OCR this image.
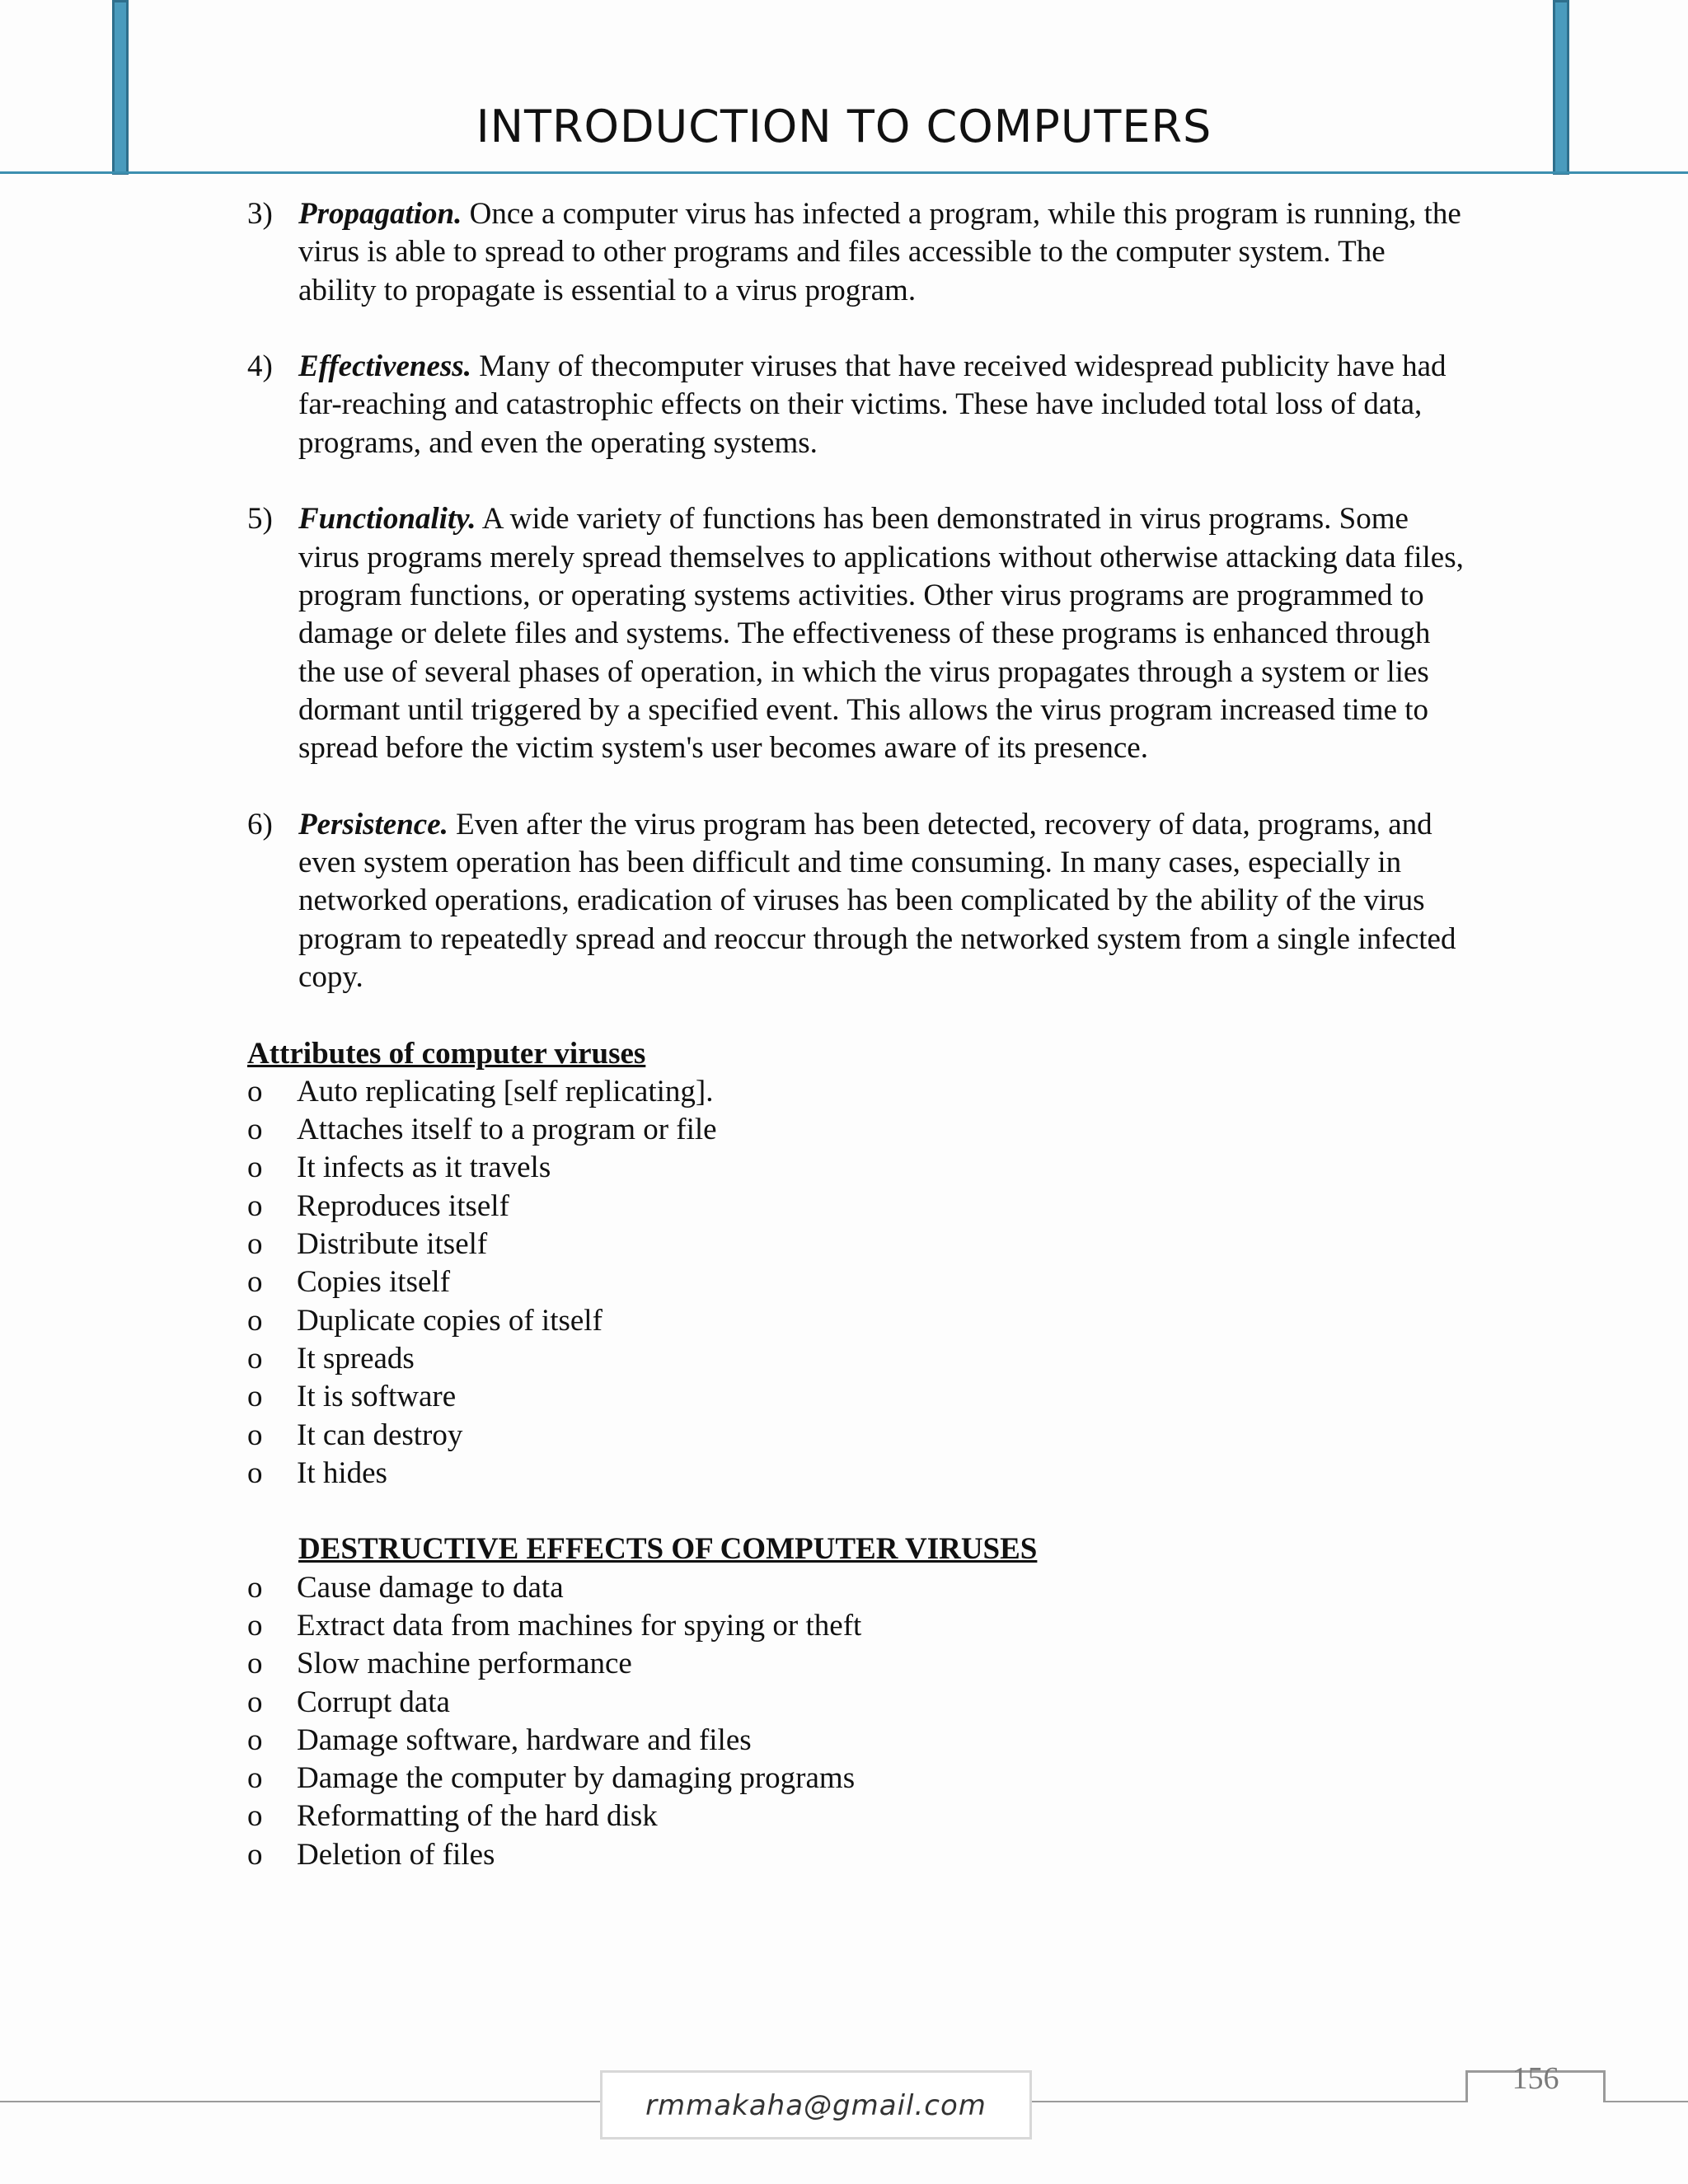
INTRODUCTION TO COMPUTERS
3) Propagation. Once a computer virus has infected a program, while this program is running, the virus is able to spread to other programs and files accessible to the computer system. The ability to propagate is essential to a virus program.
4) Effectiveness. Many of thecomputer viruses that have received widespread publicity have had far-reaching and catastrophic effects on their victims. These have included total loss of data, programs, and even the operating systems.
5) Functionality. A wide variety of functions has been demonstrated in virus programs. Some virus programs merely spread themselves to applications without otherwise attacking data files, program functions, or operating systems activities. Other virus programs are programmed to damage or delete files and systems. The effectiveness of these programs is enhanced through the use of several phases of operation, in which the virus propagates through a system or lies dormant until triggered by a specified event. This allows the virus program increased time to spread before the victim system's user becomes aware of its presence.
6) Persistence. Even after the virus program has been detected, recovery of data, programs, and even system operation has been difficult and time consuming. In many cases, especially in networked operations, eradication of viruses has been complicated by the ability of the virus program to repeatedly spread and reoccur through the networked system from a single infected copy.
Attributes of computer viruses
o Auto replicating [self replicating].
o Attaches itself to a program or file
o It infects as it travels
o Reproduces itself
o Distribute itself
o Copies itself
o Duplicate copies of itself
o It spreads
o It is software
o It can destroy
o It hides
DESTRUCTIVE EFFECTS OF COMPUTER VIRUSES
o Cause damage to data
o Extract data from machines for spying or theft
o Slow machine performance
o Corrupt data
o Damage software, hardware and files
o Damage the computer by damaging programs
o Reformatting of the hard disk
o Deletion of files
rmmakaha@gmail.com
156
